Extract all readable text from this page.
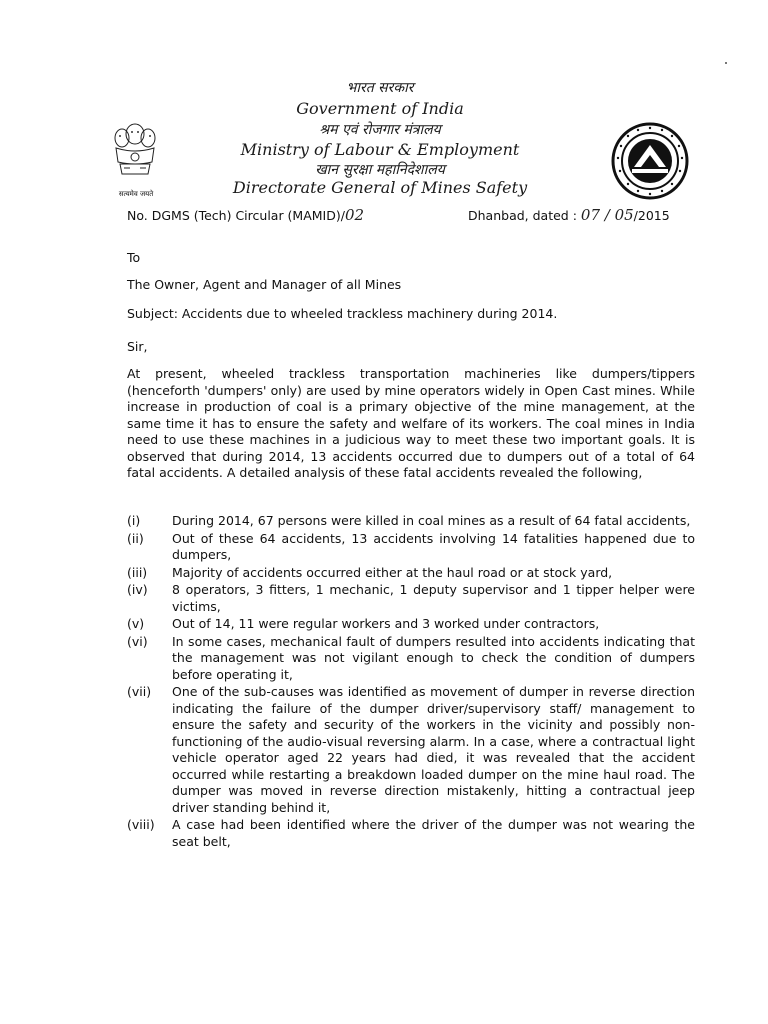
सत्यमेव जयते
भारत सरकार
Government of India
श्रम एवं रोजगार मंत्रालय
Ministry of Labour & Employment
खान सुरक्षा महानिदेशालय
Directorate General of Mines Safety
No. DGMS (Tech) Circular (MAMID)/02	Dhanbad, dated : 07 / 05/2015
To
The Owner, Agent and Manager of all Mines
Subject: Accidents due to wheeled trackless machinery during 2014.
Sir,
At present, wheeled trackless transportation machineries like dumpers/tippers (henceforth 'dumpers' only) are used by mine operators widely in Open Cast mines. While increase in production of coal is a primary objective of the mine management, at the same time it has to ensure the safety and welfare of its workers. The coal mines in India need to use these machines in a judicious way to meet these two important goals. It is observed that during 2014, 13 accidents occurred due to dumpers out of a total of 64 fatal accidents. A detailed analysis of these fatal accidents revealed the following,
(i)	During 2014, 67 persons were killed in coal mines as a result of 64 fatal accidents,
(ii)	Out of these 64 accidents, 13 accidents involving 14 fatalities happened due to dumpers,
(iii)	Majority of accidents occurred either at the haul road or at stock yard,
(iv)	8 operators, 3 fitters, 1 mechanic, 1 deputy supervisor and 1 tipper helper were victims,
(v)	Out of 14, 11 were regular workers and 3 worked under contractors,
(vi)	In some cases, mechanical fault of dumpers resulted into accidents indicating that the management was not vigilant enough to check the condition of dumpers before operating it,
(vii)	One of the sub-causes was identified as movement of dumper in reverse direction indicating the failure of the dumper driver/supervisory staff/ management to ensure the safety and security of the workers in the vicinity and possibly non-functioning of the audio-visual reversing alarm. In a case, where a contractual light vehicle operator aged 22 years had died, it was revealed that the accident occurred while restarting a breakdown loaded dumper on the mine haul road. The dumper was moved in reverse direction mistakenly, hitting a contractual jeep driver standing behind it,
(viii)	A case had been identified where the driver of the dumper was not wearing the seat belt,
